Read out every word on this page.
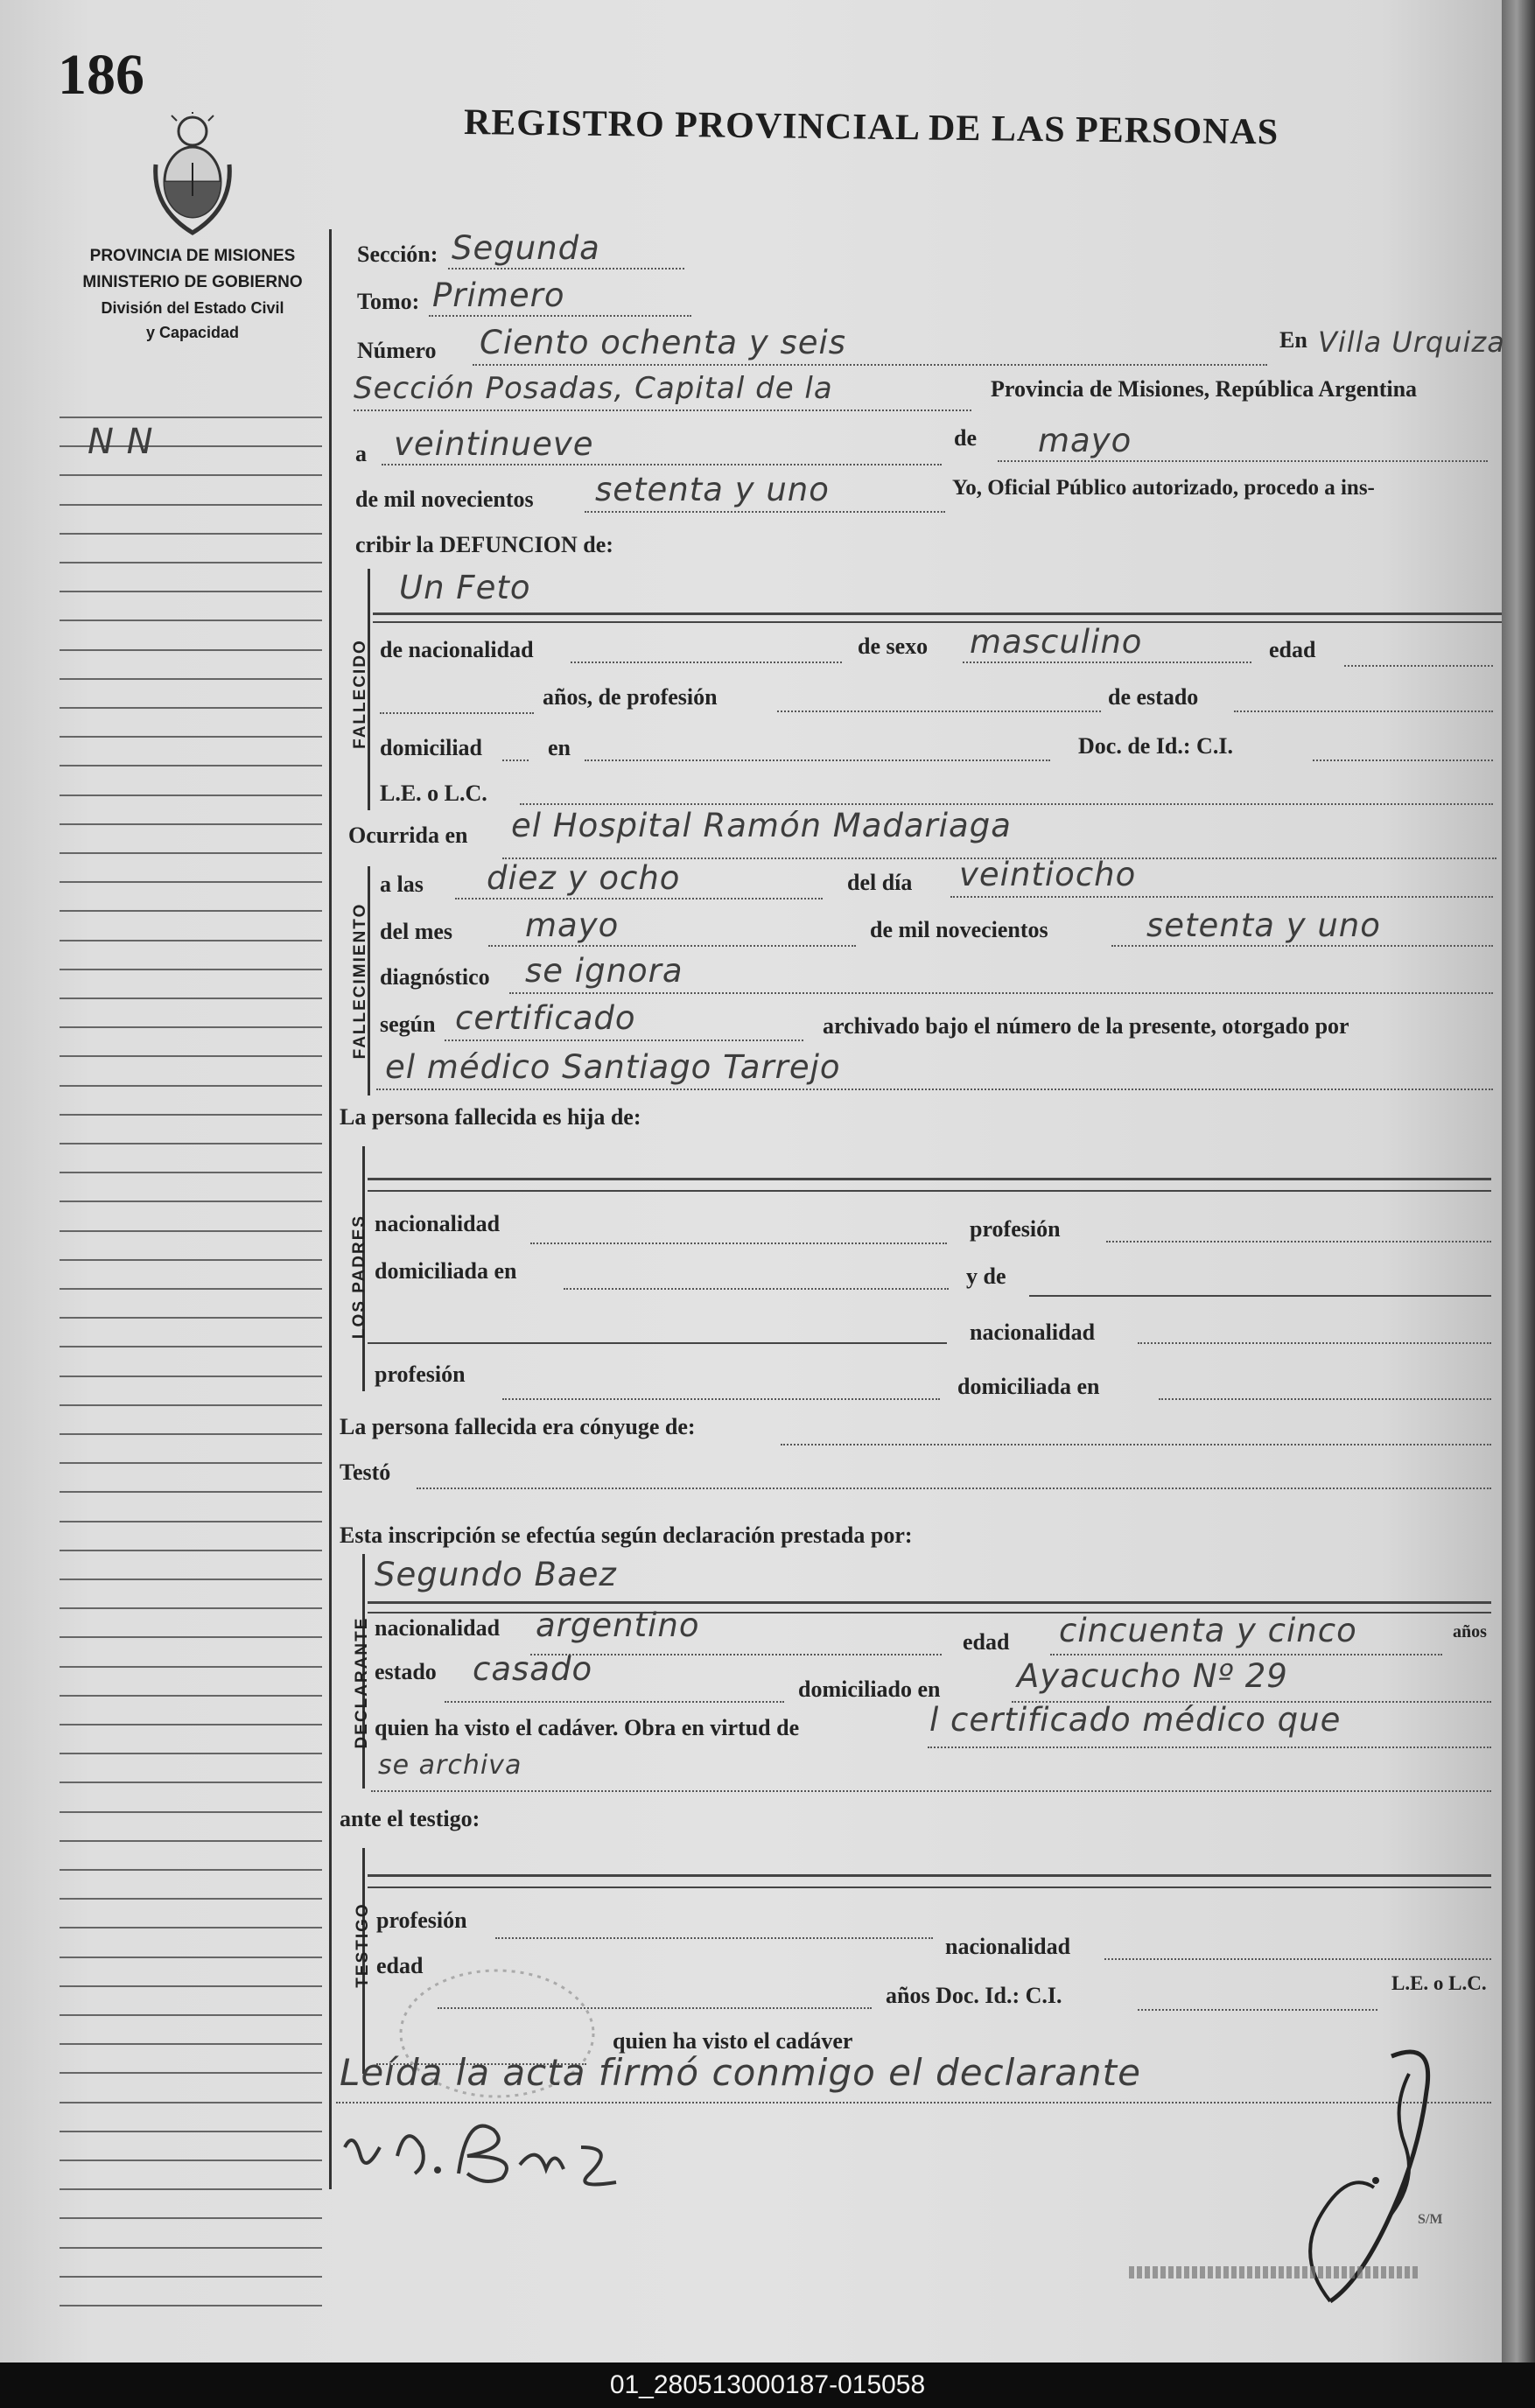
186
REGISTRO PROVINCIAL DE LAS PERSONAS
PROVINCIA DE MISIONES
MINISTERIO DE GOBIERNO
División del Estado Civil
y Capacidad
N N
Sección: Segunda
Tomo: Primero
Número Ciento ochenta y seis	En Villa Urquiza
Sección Posadas, Capital de la	Provincia de Misiones, República Argentina
a veintinueve	de mayo
de mil novecientos setenta y uno	Yo, Oficial Público autorizado, procedo a ins-
cribir la DEFUNCION de:
FALLECIDO
Un Feto
de nacionalidad	de sexo masculino	edad
años, de profesión	de estado
domiciliad	en	Doc. de Id.: C.I.
L.E. o L.C.
Ocurrida en el Hospital Ramón Madariaga
FALLECIMIENTO
a las diez y ocho	del día veintiocho
del mes mayo	de mil novecientos	setenta y uno
diagnóstico se ignora
según certificado	archivado bajo el número de la presente, otorgado por
el médico Santiago Tarrejo
La persona fallecida es hija de:
LOS PADRES nacionalidad	profesión
domiciliada en	y de
nacionalidad
profesión	domiciliada en
La persona fallecida era cónyuge de:
Testó
Esta inscripción se efectúa según declaración prestada por:
DECLARANTE
Segundo Baez
nacionalidad argentino	edad cincuenta y cinco	años
estado casado
domiciliado en Ayacucho Nº 29
quien ha visto el cadáver. Obra en virtud de	l certificado médico que
se archiva
ante el testigo:
TESTIGO profesión
nacionalidad
edad
años Doc. Id.: C.I.	L.E. o L.C.
quien ha visto el cadáver
Leída la acta firmó conmigo el declarante
S/M
01_280513000187-015058
